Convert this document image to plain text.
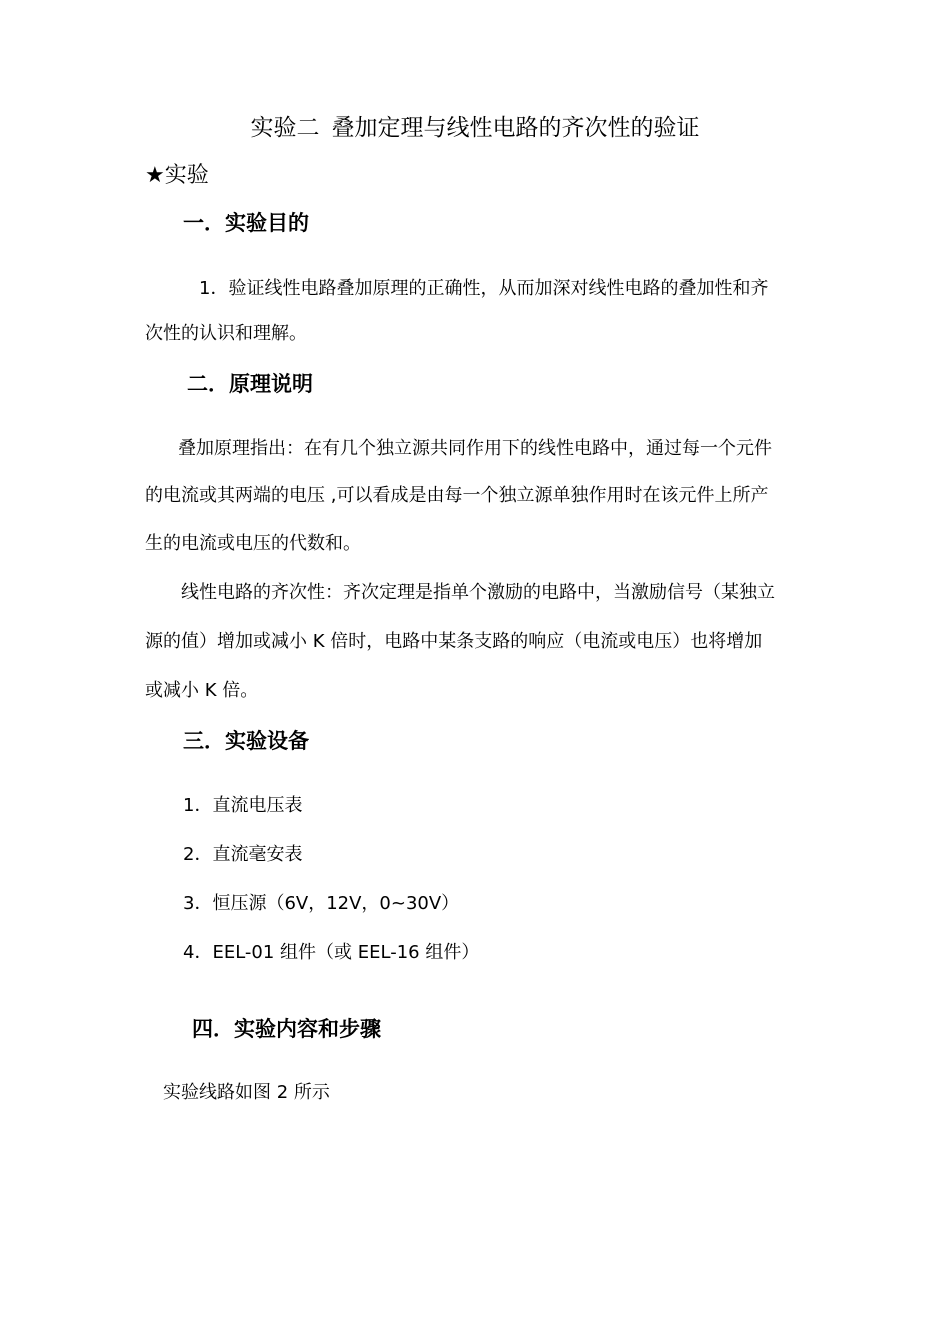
实验二 叠加定理与线性电路的齐次性的验证
★实验
一．实验目的
1．验证线性电路叠加原理的正确性，从而加深对线性电路的叠加性和齐
次性的认识和理解。
二．原理说明
叠加原理指出：在有几个独立源共同作用下的线性电路中，通过每一个元件
的电流或其两端的电压 ,可以看成是由每一个独立源单独作用时在该元件上所产
生的电流或电压的代数和。
线性电路的齐次性：齐次定理是指单个激励的电路中，当激励信号（某独立
源的值）增加或减小 K 倍时，电路中某条支路的响应（电流或电压）也将增加
或减小 K 倍。
三．实验设备
1．直流电压表
2．直流毫安表
3．恒压源（6V，12V，0~30V）
4．EEL-01 组件（或 EEL-16 组件）
四．实验内容和步骤
实验线路如图 2 所示
